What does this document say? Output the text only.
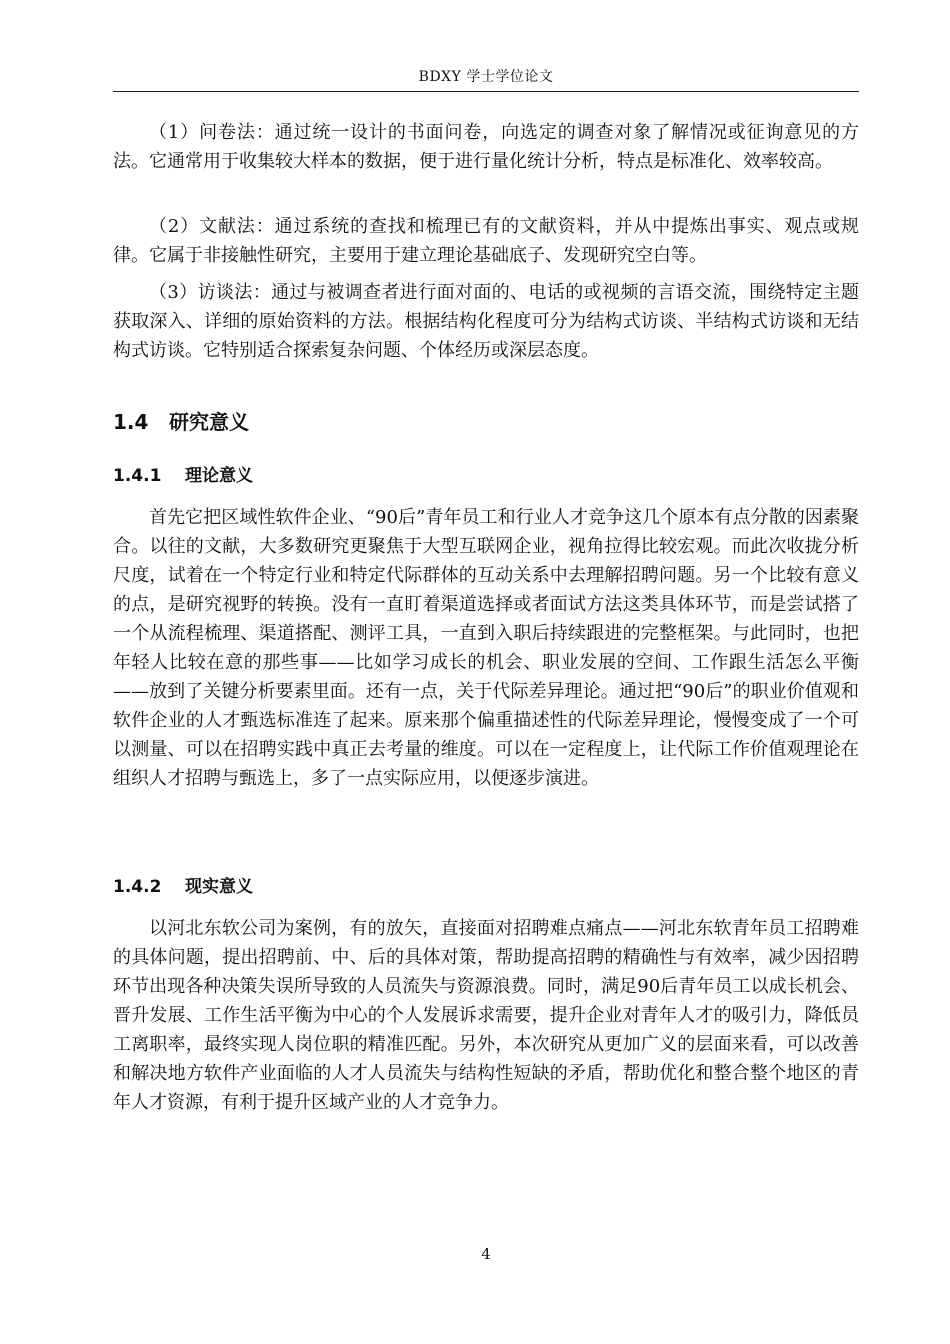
BDXY 学士学位论文

（1）问卷法：通过统一设计的书面问卷，向选定的调查对象了解情况或征询意见的方法。它通常用于收集较大样本的数据，便于进行量化统计分析，特点是标准化、效率较高。

（2）文献法：通过系统的查找和梳理已有的文献资料，并从中提炼出事实、观点或规律。它属于非接触性研究，主要用于建立理论基础底子、发现研究空白等。

（3）访谈法：通过与被调查者进行面对面的、电话的或视频的言语交流，围绕特定主题获取深入、详细的原始资料的方法。根据结构化程度可分为结构式访谈、半结构式访谈和无结构式访谈。它特别适合探索复杂问题、个体经历或深层态度。

1.4 研究意义
1.4.1 理论意义

首先它把区域性软件企业、“90后”青年员工和行业人才竞争这几个原本有点分散的因素聚合。以往的文献，大多数研究更聚焦于大型互联网企业，视角拉得比较宏观。而此次收拢分析尺度，试着在一个特定行业和特定代际群体的互动关系中去理解招聘问题。另一个比较有意义的点，是研究视野的转换。没有一直盯着渠道选择或者面试方法这类具体环节，而是尝试搭了一个从流程梳理、渠道搭配、测评工具，一直到入职后持续跟进的完整框架。与此同时，也把年轻人比较在意的那些事——比如学习成长的机会、职业发展的空间、工作跟生活怎么平衡——放到了关键分析要素里面。还有一点，关于代际差异理论。通过把“90后”的职业价值观和软件企业的人才甄选标准连了起来。原来那个偏重描述性的代际差异理论，慢慢变成了一个可以测量、可以在招聘实践中真正去考量的维度。可以在一定程度上，让代际工作价值观理论在组织人才招聘与甄选上，多了一点实际应用，以便逐步演进。

1.4.2 现实意义

以河北东软公司为案例，有的放矢，直接面对招聘难点痛点——河北东软青年员工招聘难的具体问题，提出招聘前、中、后的具体对策，帮助提高招聘的精确性与有效率，减少因招聘环节出现各种决策失误所导致的人员流失与资源浪费。同时，满足90后青年员工以成长机会、晋升发展、工作生活平衡为中心的个人发展诉求需要，提升企业对青年人才的吸引力，降低员工离职率，最终实现人岗位职的精准匹配。另外，本次研究从更加广义的层面来看，可以改善和解决地方软件产业面临的人才人员流失与结构性短缺的矛盾，帮助优化和整合整个地区的青年人才资源，有利于提升区域产业的人才竞争力。

4
